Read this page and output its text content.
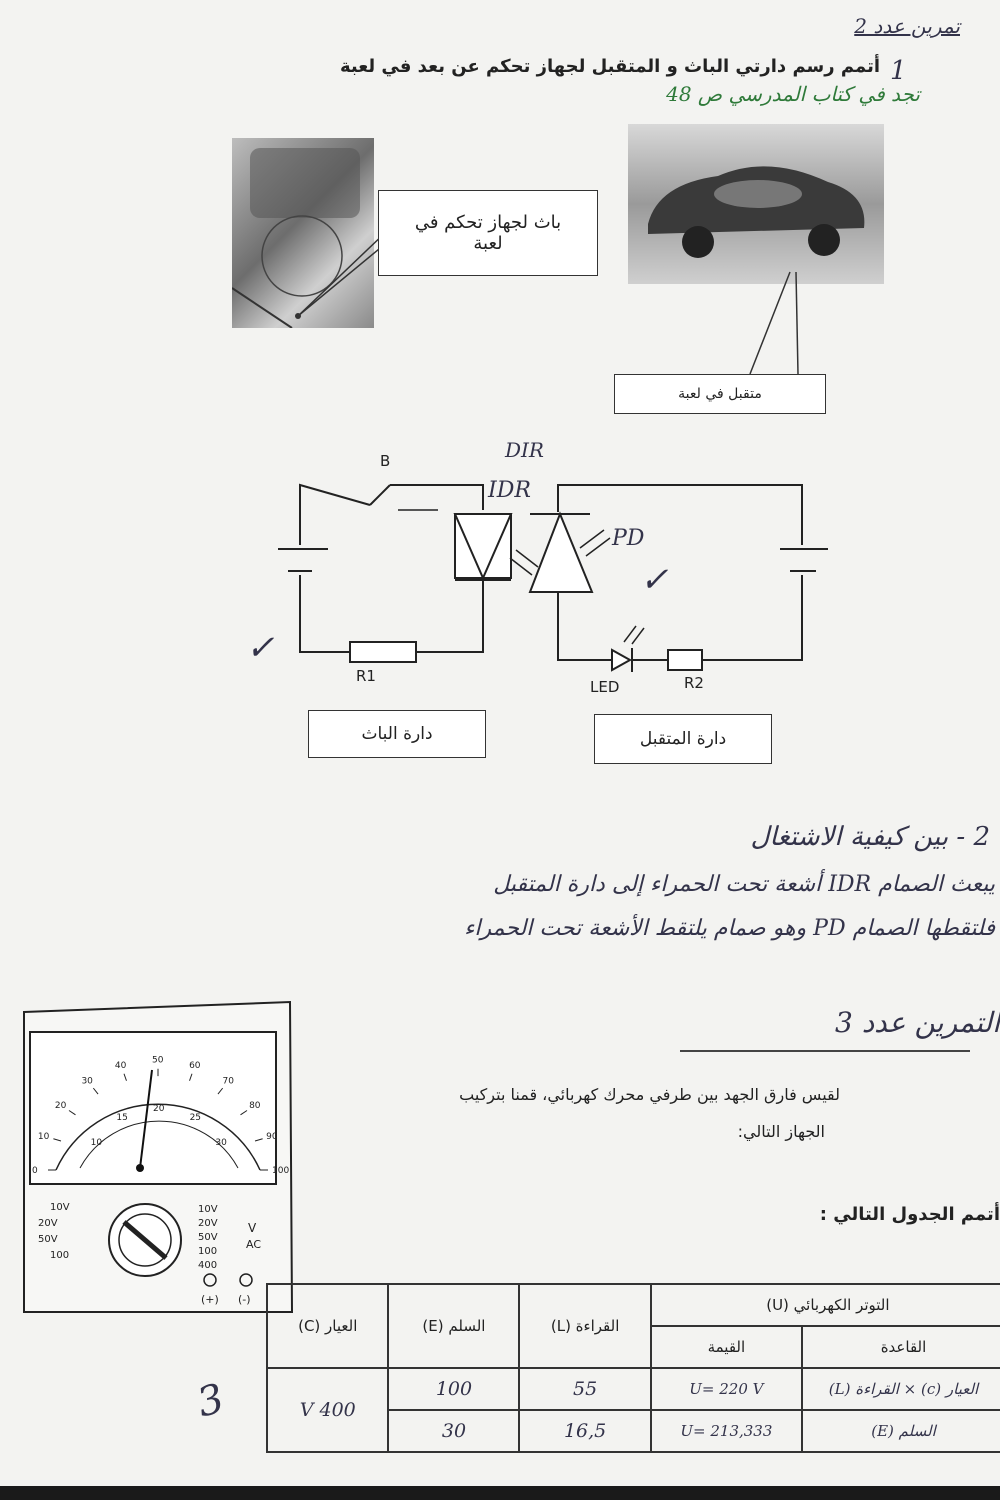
تمرين عدد 2
1
أتمم رسم دارتي الباث و المتقبل لجهاز تحكم عن بعد في لعبة
تجد في كتاب المدرسي ص 48
باث لجهاز تحكم في لعبة
متقبل في لعبة
B	DIR
IDR
PD
R1	R2
LED
✓
✓
دارة الباث	دارة المتقبل
2 - بين كيفية الاشتغال
يبعث الصمام IDR أشعة تحت الحمراء إلى دارة المتقبل
فلتقطها الصمام PD وهو صمام يلتقط الأشعة تحت الحمراء
التمرين عدد 3
لقيس فارق الجهد بين طرفي محرك كهربائي، قمنا بتركيب
الجهاز التالي:
أتمم الجدول التالي :
0
10
20
30
40
50
60
70
80
90
100
10
15
20
25
30
10V
20V
50V
100
10V
20V
50V
100
400
V
AC
(+) (-)
3
التوتر الكهربائي (U)		القراءة (L)	السلم (E)	العيار (C)
القاعدة	القيمة			
العيار (c) × القراءة (L)	U= 220 V	55	100	400 V
السلم (E)	U= 213,333	16,5	30	
